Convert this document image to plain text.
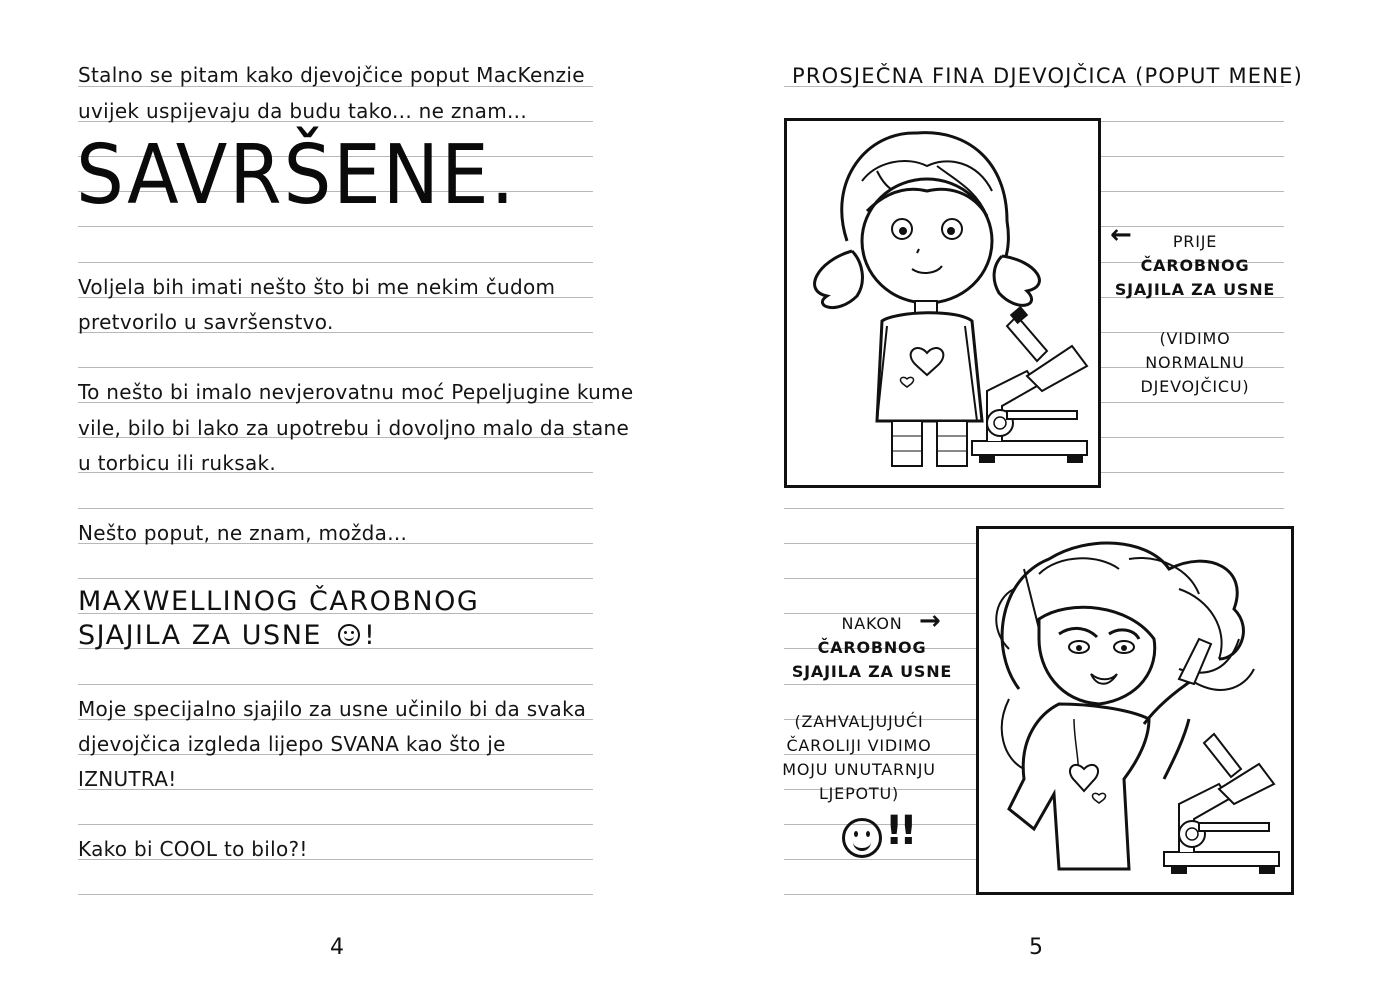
Stalno se pitam kako djevojčice poput MacKenzie
uvijek uspijevaju da budu tako... ne znam...
SAVRŠENE.
Voljela bih imati nešto što bi me nekim čudom
pretvorilo u savršenstvo.
To nešto bi imalo nevjerovatnu moć Pepeljugine kume
vile, bilo bi lako za upotrebu i dovoljno malo da stane
u torbicu ili ruksak.
Nešto poput, ne znam, možda...
MAXWELLINOG ČAROBNOG
SJAJILA ZA USNE !
Moje specijalno sjajilo za usne učinilo bi da svaka
djevojčica izgleda lijepo SVANA kao što je
IZNUTRA!
Kako bi COOL to bilo?!
4
PROSJEČNA FINA DJEVOJČICA (POPUT MENE)
←	PRIJE
ČAROBNOG
SJAJILA ZA USNE
(VIDIMO
NORMALNU
DJEVOJČICU)
NAKON
ČAROBNOG
SJAJILA ZA USNE
→
(ZAHVALJUJUĆI
ČAROLIJI VIDIMO
MOJU UNUTARNJU
LJEPOTU)
!!
5
